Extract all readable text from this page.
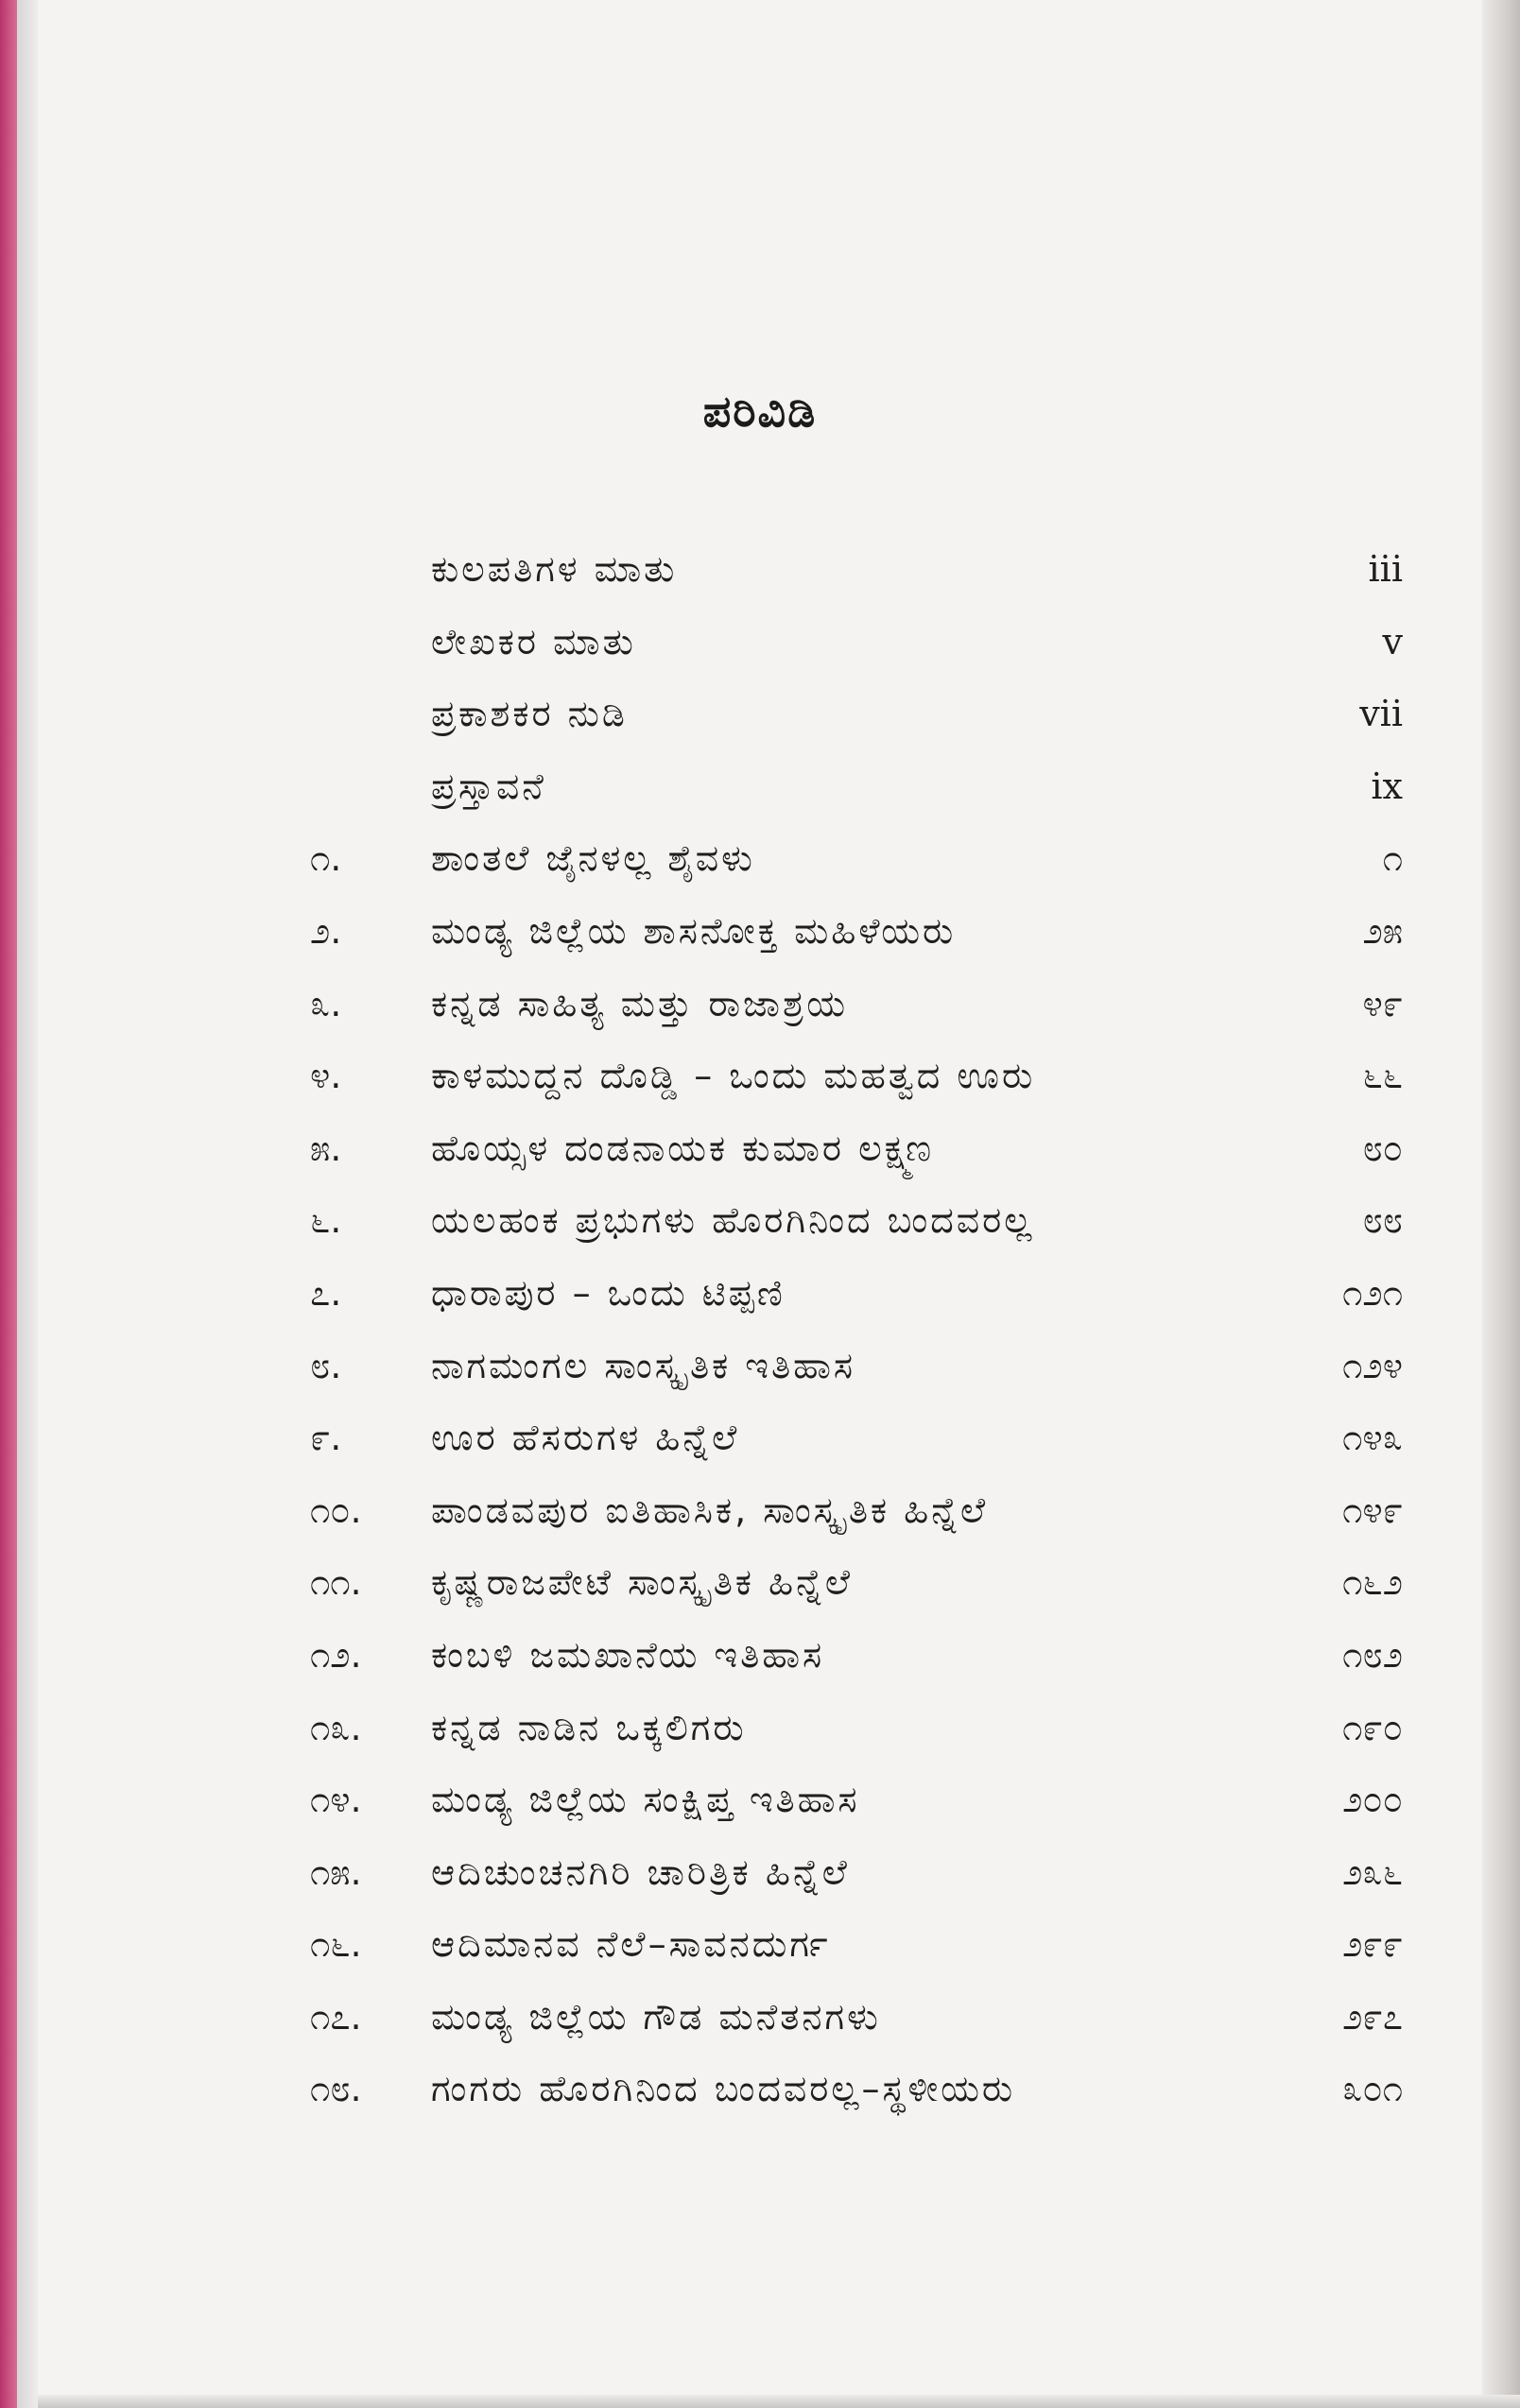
ಪರಿವಿಡಿ
ಕುಲಪತಿಗಳ ಮಾತು	iii
ಲೇಖಕರ ಮಾತು	v
ಪ್ರಕಾಶಕರ ನುಡಿ	vii
ಪ್ರಸ್ತಾವನೆ	ix
೧.	ಶಾಂತಲೆ ಜೈನಳಲ್ಲ ಶೈವಳು	೧
೨.	ಮಂಡ್ಯ ಜಿಲ್ಲೆಯ ಶಾಸನೋಕ್ತ ಮಹಿಳೆಯರು	೨೫
೩.	ಕನ್ನಡ ಸಾಹಿತ್ಯ ಮತ್ತು ರಾಜಾಶ್ರಯ	೪೯
೪.	ಕಾಳಮುದ್ದನ ದೊಡ್ಡಿ – ಒಂದು ಮಹತ್ವದ ಊರು	೬೬
೫.	ಹೊಯ್ಸಳ ದಂಡನಾಯಕ ಕುಮಾರ ಲಕ್ಷ್ಮಣ	೮೦
೬.	ಯಲಹಂಕ ಪ್ರಭುಗಳು ಹೊರಗಿನಿಂದ ಬಂದವರಲ್ಲ	೮೮
೭.	ಧಾರಾಪುರ – ಒಂದು ಟಿಪ್ಪಣಿ	೧೨೧
೮.	ನಾಗಮಂಗಲ ಸಾಂಸ್ಕೃತಿಕ ಇತಿಹಾಸ	೧೨೪
೯.	ಊರ ಹೆಸರುಗಳ ಹಿನ್ನೆಲೆ	೧೪೩
೧೦.	ಪಾಂಡವಪುರ ಐತಿಹಾಸಿಕ, ಸಾಂಸ್ಕೃತಿಕ ಹಿನ್ನೆಲೆ	೧೪೯
೧೧.	ಕೃಷ್ಣರಾಜಪೇಟೆ ಸಾಂಸ್ಕೃತಿಕ ಹಿನ್ನೆಲೆ	೧೬೨
೧೨.	ಕಂಬಳಿ ಜಮಖಾನೆಯ ಇತಿಹಾಸ	೧೮೨
೧೩.	ಕನ್ನಡ ನಾಡಿನ ಒಕ್ಕಲಿಗರು	೧೯೦
೧೪.	ಮಂಡ್ಯ ಜಿಲ್ಲೆಯ ಸಂಕ್ಷಿಪ್ತ ಇತಿಹಾಸ	೨೦೦
೧೫.	ಆದಿಚುಂಚನಗಿರಿ ಚಾರಿತ್ರಿಕ ಹಿನ್ನೆಲೆ	೨೩೬
೧೬.	ಆದಿಮಾನವ ನೆಲೆ–ಸಾವನದುರ್ಗ	೨೯೯
೧೭.	ಮಂಡ್ಯ ಜಿಲ್ಲೆಯ ಗೌಡ ಮನೆತನಗಳು	೨೯೭
೧೮.	ಗಂಗರು ಹೊರಗಿನಿಂದ ಬಂದವರಲ್ಲ–ಸ್ಥಳೀಯರು	೩೦೧
